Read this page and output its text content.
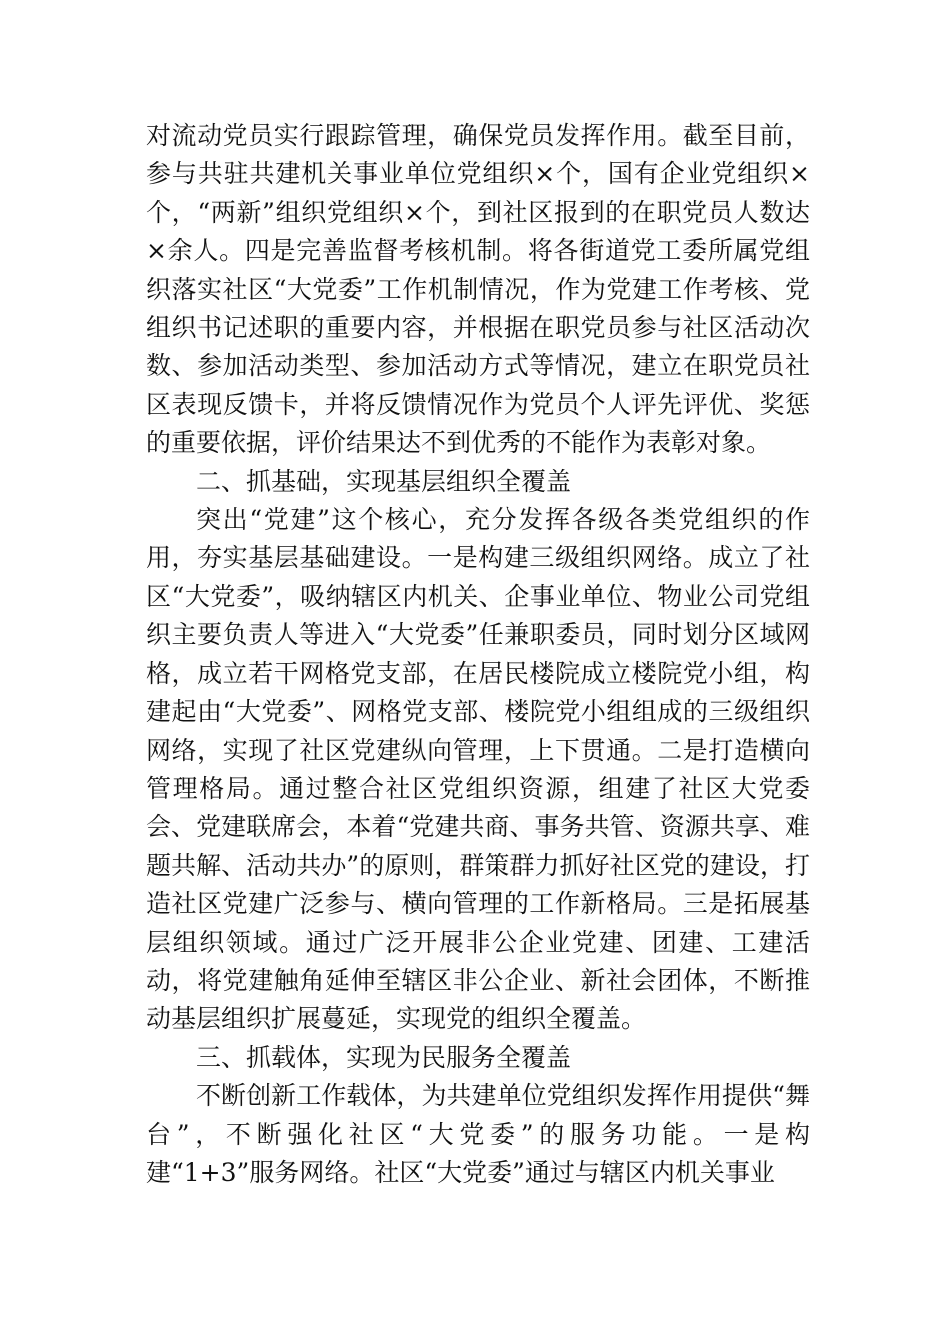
对流动党员实行跟踪管理，确保党员发挥作用。截至目前，参与共驻共建机关事业单位党组织×个，国有企业党组织×个，“两新”组织党组织×个，到社区报到的在职党员人数达×余人。四是完善监督考核机制。将各街道党工委所属党组织落实社区“大党委”工作机制情况，作为党建工作考核、党组织书记述职的重要内容，并根据在职党员参与社区活动次数、参加活动类型、参加活动方式等情况，建立在职党员社区表现反馈卡，并将反馈情况作为党员个人评先评优、奖惩的重要依据，评价结果达不到优秀的不能作为表彰对象。

二、抓基础，实现基层组织全覆盖

突出“党建”这个核心，充分发挥各级各类党组织的作用，夯实基层基础建设。一是构建三级组织网络。成立了社区“大党委”，吸纳辖区内机关、企事业单位、物业公司党组织主要负责人等进入“大党委”任兼职委员，同时划分区域网格，成立若干网格党支部，在居民楼院成立楼院党小组，构建起由“大党委”、网格党支部、楼院党小组组成的三级组织网络，实现了社区党建纵向管理，上下贯通。二是打造横向管理格局。通过整合社区党组织资源，组建了社区大党委会、党建联席会，本着“党建共商、事务共管、资源共享、难题共解、活动共办”的原则，群策群力抓好社区党的建设，打造社区党建广泛参与、横向管理的工作新格局。三是拓展基层组织领域。通过广泛开展非公企业党建、团建、工建活动，将党建触角延伸至辖区非公企业、新社会团体，不断推动基层组织扩展蔓延，实现党的组织全覆盖。

三、抓载体，实现为民服务全覆盖

不断创新工作载体，为共建单位党组织发挥作用提供“舞台”，不断强化社区“大党委”的服务功能。一是构建“1+3”服务网络。社区“大党委”通过与辖区内机关事业
